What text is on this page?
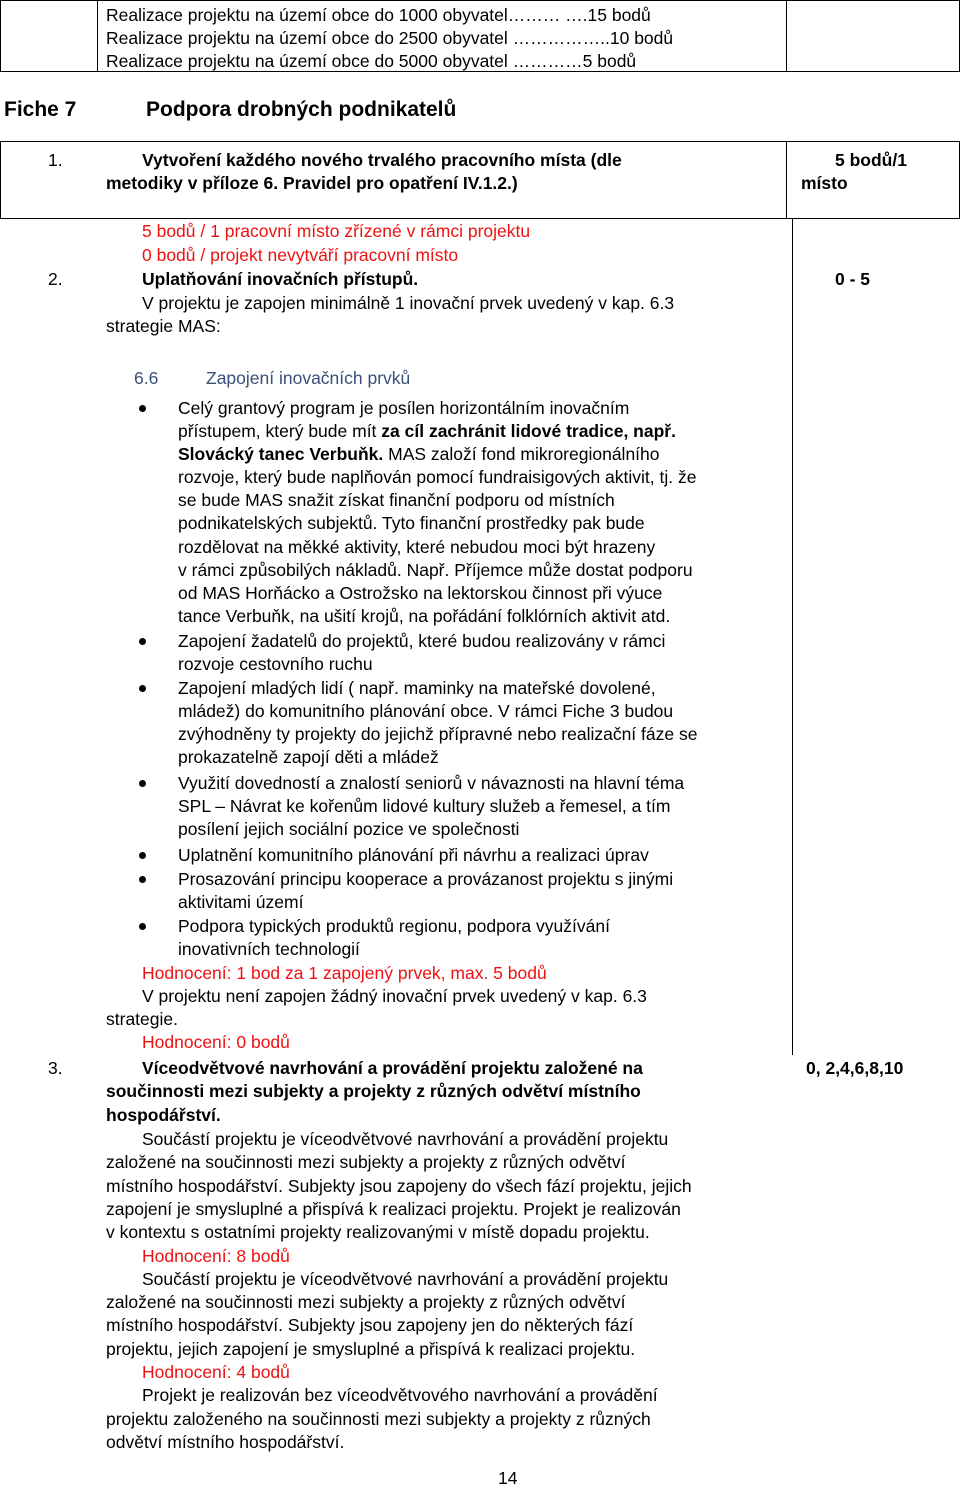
Realizace projektu na území obce do 1000 obyvatel……… ….15 bodů
Realizace projektu na území obce do 2500 obyvatel ……………..10 bodů
Realizace projektu na území obce do 5000 obyvatel …………5 bodů
Fiche 7	Podpora drobných podnikatelů
1.	Vytvoření každého nového trvalého pracovního místa (dle
metodiky v příloze 6. Pravidel pro opatření IV.1.2.)
5 bodů/1
místo
5 bodů / 1 pracovní místo zřízené v rámci projektu
0 bodů / projekt nevytváří pracovní místo
2.	Uplatňování inovačních přístupů.	0 - 5
V projektu je zapojen minimálně 1 inovační prvek uvedený v kap. 6.3
strategie MAS:
6.6	Zapojení inovačních prvků
Celý grantový program je posílen horizontálním inovačním
přístupem, který bude mít za cíl zachránit lidové tradice, např.
Slovácký tanec Verbuňk. MAS založí fond mikroregionálního
rozvoje, který bude naplňován pomocí fundraisigových aktivit, tj. že
se bude MAS snažit získat finanční podporu od místních
podnikatelských subjektů. Tyto finanční prostředky pak bude
rozdělovat na měkké aktivity, které nebudou moci být hrazeny
v rámci způsobilých nákladů. Např. Příjemce může dostat podporu
od MAS Horňácko a Ostrožsko na lektorskou činnost při výuce
tance Verbuňk, na ušití krojů, na pořádání folklórních aktivit atd.
Zapojení žadatelů do projektů, které budou realizovány v rámci
rozvoje cestovního ruchu
Zapojení mladých lidí ( např. maminky na mateřské dovolené,
mládež) do komunitního plánování obce. V rámci Fiche 3 budou
zvýhodněny ty projekty do jejichž přípravné nebo realizační fáze se
prokazatelně zapojí děti a mládež
Využití dovedností a znalostí seniorů v návaznosti na hlavní téma
SPL – Návrat ke kořenům lidové kultury služeb a řemesel, a tím
posílení jejich sociální pozice ve společnosti
Uplatnění komunitního plánování při návrhu a realizaci úprav
Prosazování principu kooperace a provázanost projektu s jinými
aktivitami území
Podpora typických produktů regionu, podpora využívání
inovativních technologií
Hodnocení: 1 bod za 1 zapojený prvek, max. 5 bodů
V projektu není zapojen žádný inovační prvek uvedený v kap. 6.3
strategie.
Hodnocení: 0 bodů
3.	Víceodvětvové navrhování a provádění projektu založené na
součinnosti mezi subjekty a projekty z různých odvětví místního
hospodářství.
0, 2,4,6,8,10
Součástí projektu je víceodvětvové navrhování a provádění projektu
založené na součinnosti mezi subjekty a projekty z různých odvětví
místního hospodářství. Subjekty jsou zapojeny do všech fází projektu, jejich
zapojení je smysluplné a přispívá k realizaci projektu. Projekt je realizován
v kontextu s ostatními projekty realizovanými v místě dopadu projektu.
Hodnocení: 8 bodů
Součástí projektu je víceodvětvové navrhování a provádění projektu
založené na součinnosti mezi subjekty a projekty z různých odvětví
místního hospodářství. Subjekty jsou zapojeny jen do některých fází
projektu, jejich zapojení je smysluplné a přispívá k realizaci projektu.
Hodnocení: 4 bodů
Projekt je realizován bez víceodvětvového navrhování a provádění
projektu založeného na součinnosti mezi subjekty a projekty z různých
odvětví místního hospodářství.
14
